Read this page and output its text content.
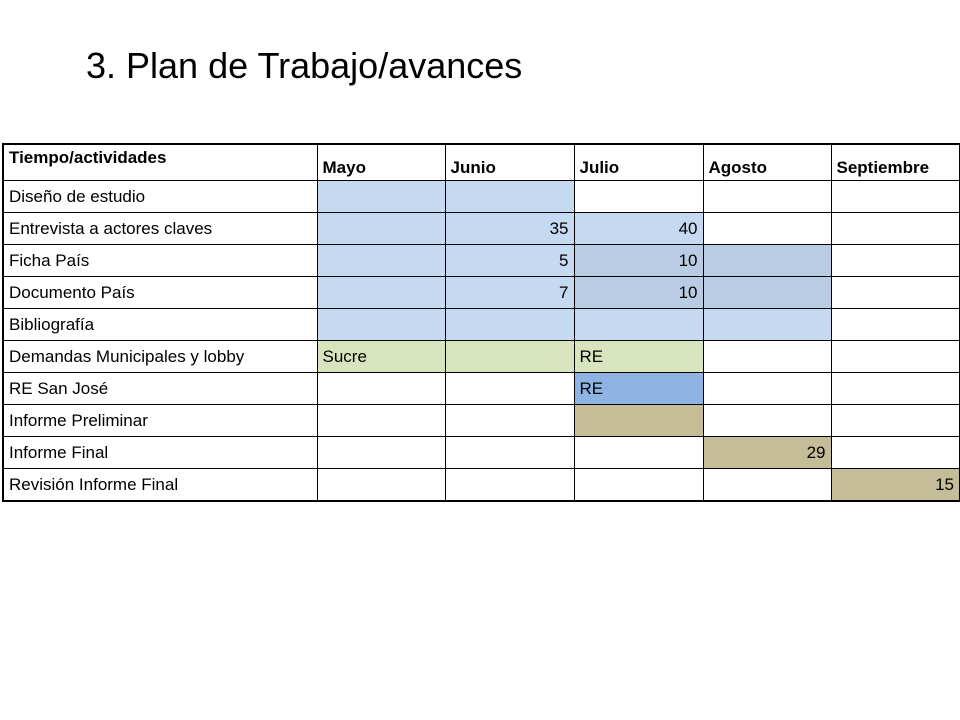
3. Plan de Trabajo/avances
Tiempo/actividades	Mayo	Junio	Julio	Agosto	Septiembre
Diseño de estudio					
Entrevista a actores claves		35	40		
Ficha País		5	10		
Documento País		7	10		
Bibliografía					
Demandas Municipales y lobby	Sucre		RE		
RE San José			RE		
Informe Preliminar					
Informe Final				29	
Revisión Informe Final					15
